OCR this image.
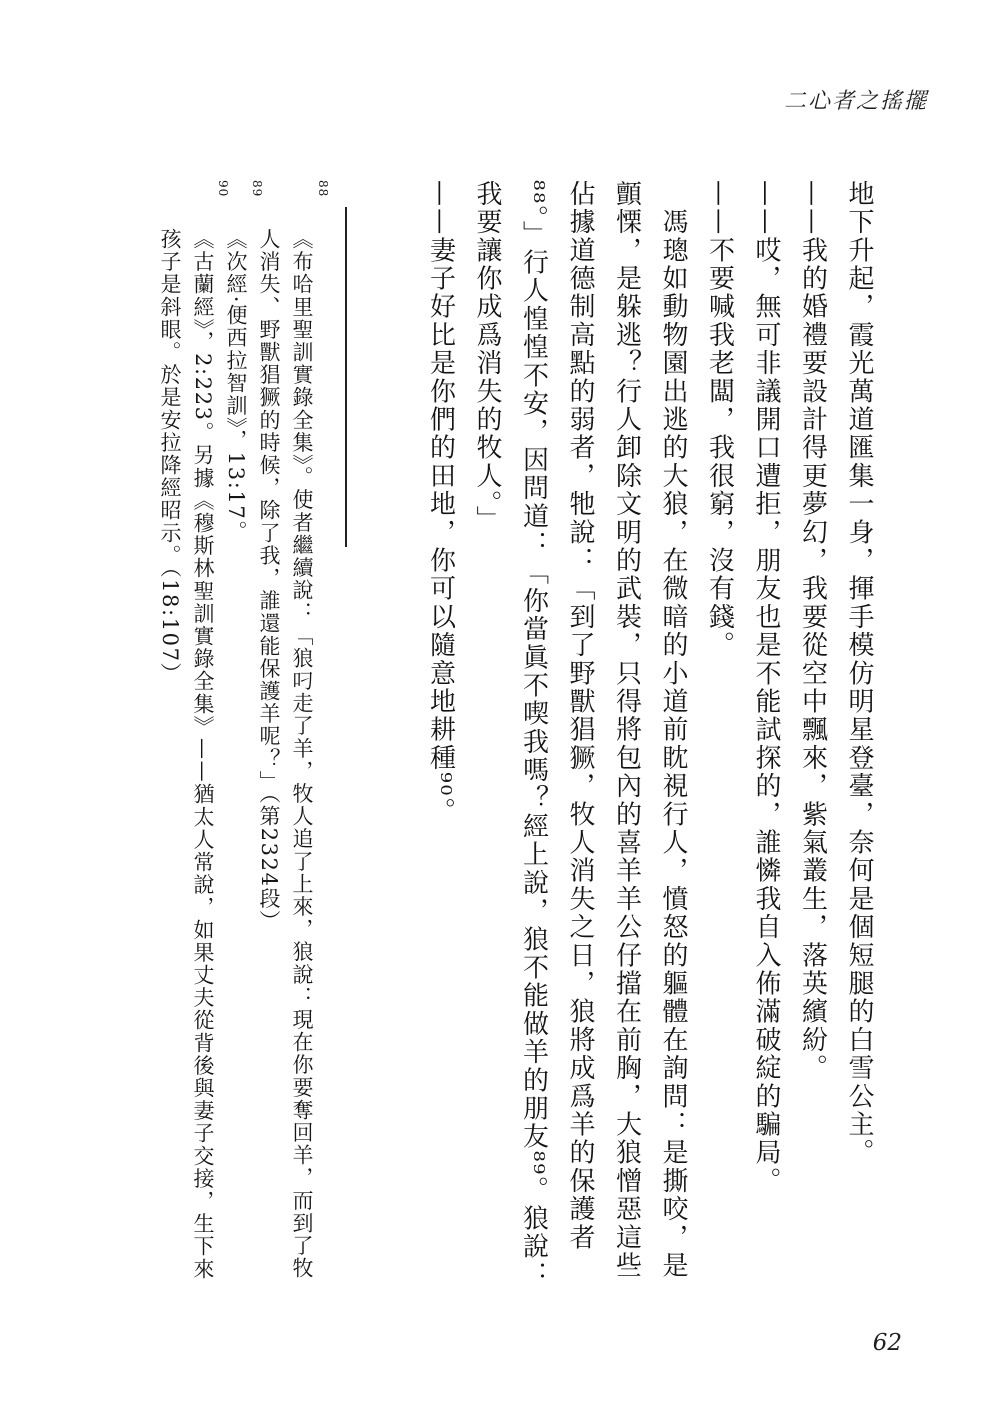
二心者之搖擺

地下升起，霞光萬道匯集一身，揮手模仿明星登臺，奈何是個短腿的白雪公主。

——我的婚禮要設計得更夢幻，我要從空中飄來，紫氣叢生，落英繽紛。

——哎，無可非議開口遭拒，朋友也是不能試探的，誰憐我自入佈滿破綻的騙局。

——不要喊我老闆，我很窮，沒有錢。

　馮璁如動物園出逃的大狼，在微暗的小道前眈視行人，憤怒的軀體在詢問：是撕咬，是顫慄，是躲逃？行人卸除文明的武裝，只得將包內的喜羊羊公仔擋在前胸，大狼憎惡這些佔據道德制高點的弱者，牠說：「到了野獸猖獗，牧人消失之日，狼將成爲羊的保護者⁸⁸。」行人惶惶不安，因問道：「你當眞不喫我嗎？經上說，狼不能做羊的朋友⁸⁹。狼說：我要讓你成爲消失的牧人。」

——妻子好比是你們的田地，你可以隨意地耕種⁹⁰。

88
89
90

《布哈里聖訓實錄全集》。使者繼續說：「狼叼走了羊，牧人追了上來，狼說：現在你要奪回羊，而到了牧人消失、野獸猖獗的時候，除了我，誰還能保護羊呢？」（第2324段）

《次經·便西拉智訓》，13:17。

《古蘭經》，2:223。另據《穆斯林聖訓實錄全集》——猶太人常說，如果丈夫從背後與妻子交接，生下來孩子是斜眼。於是安拉降經昭示。（18:107）

62
